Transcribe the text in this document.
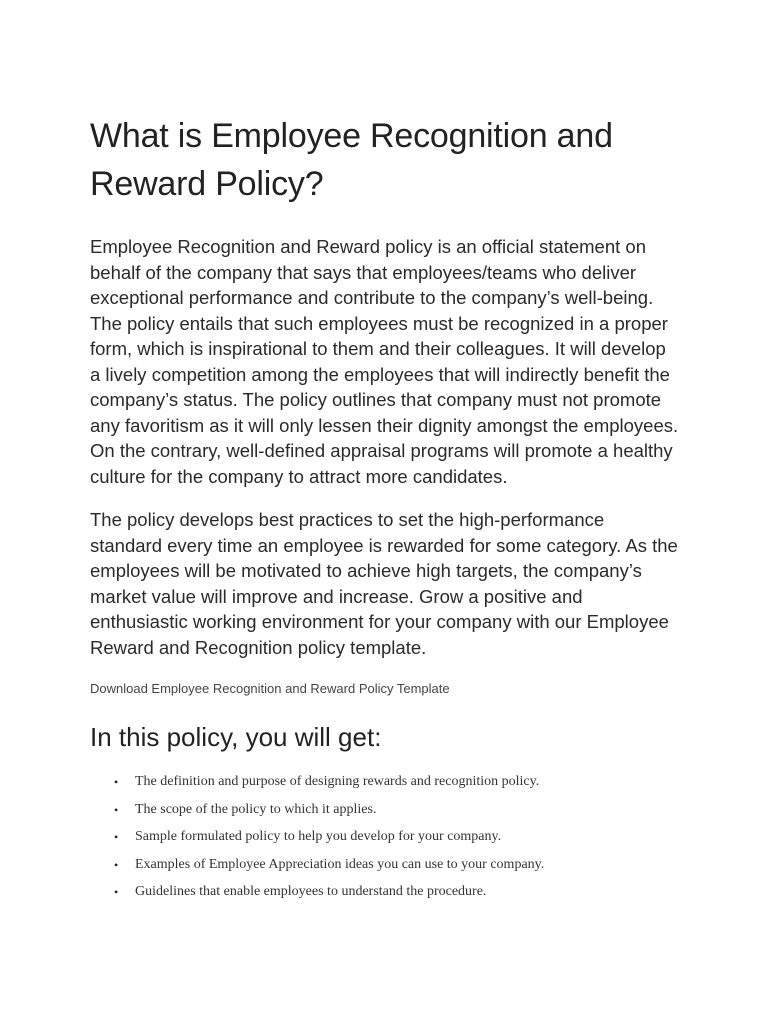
What is Employee Recognition and Reward Policy?

Employee Recognition and Reward policy is an official statement on behalf of the company that says that employees/teams who deliver exceptional performance and contribute to the company’s well-being. The policy entails that such employees must be recognized in a proper form, which is inspirational to them and their colleagues. It will develop a lively competition among the employees that will indirectly benefit the company’s status. The policy outlines that company must not promote any favoritism as it will only lessen their dignity amongst the employees. On the contrary, well-defined appraisal programs will promote a healthy culture for the company to attract more candidates.

The policy develops best practices to set the high-performance standard every time an employee is rewarded for some category. As the employees will be motivated to achieve high targets, the company’s market value will improve and increase. Grow a positive and enthusiastic working environment for your company with our Employee Reward and Recognition policy template.

Download Employee Recognition and Reward Policy Template
In this policy, you will get:
• The definition and purpose of designing rewards and recognition policy.
• The scope of the policy to which it applies.
• Sample formulated policy to help you develop for your company.
• Examples of Employee Appreciation ideas you can use to your company.
• Guidelines that enable employees to understand the procedure.
